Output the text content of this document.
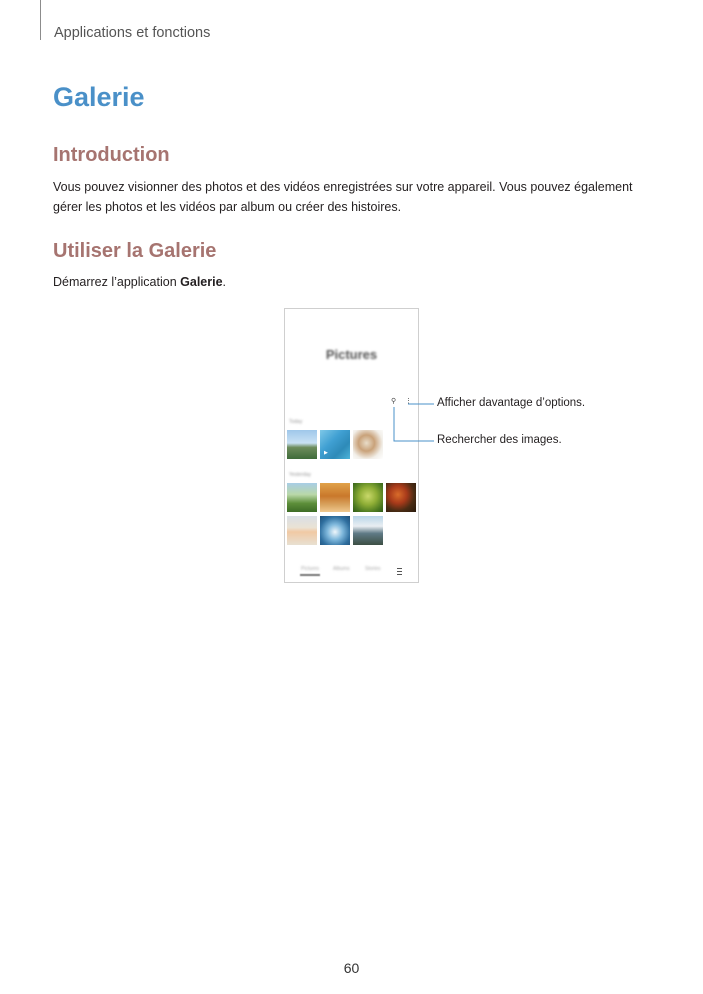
Applications et fonctions
Galerie
Introduction

Vous pouvez visionner des photos et des vidéos enregistrées sur votre appareil. Vous pouvez également gérer les photos et les vidéos par album ou créer des histoires.

Utiliser la Galerie

Démarrez l’application Galerie.

Pictures
⚲ ⋮
Today
▶
Yesterday
Pictures	Albums	Stories
Afficher davantage d’options.
Rechercher des images.
60
